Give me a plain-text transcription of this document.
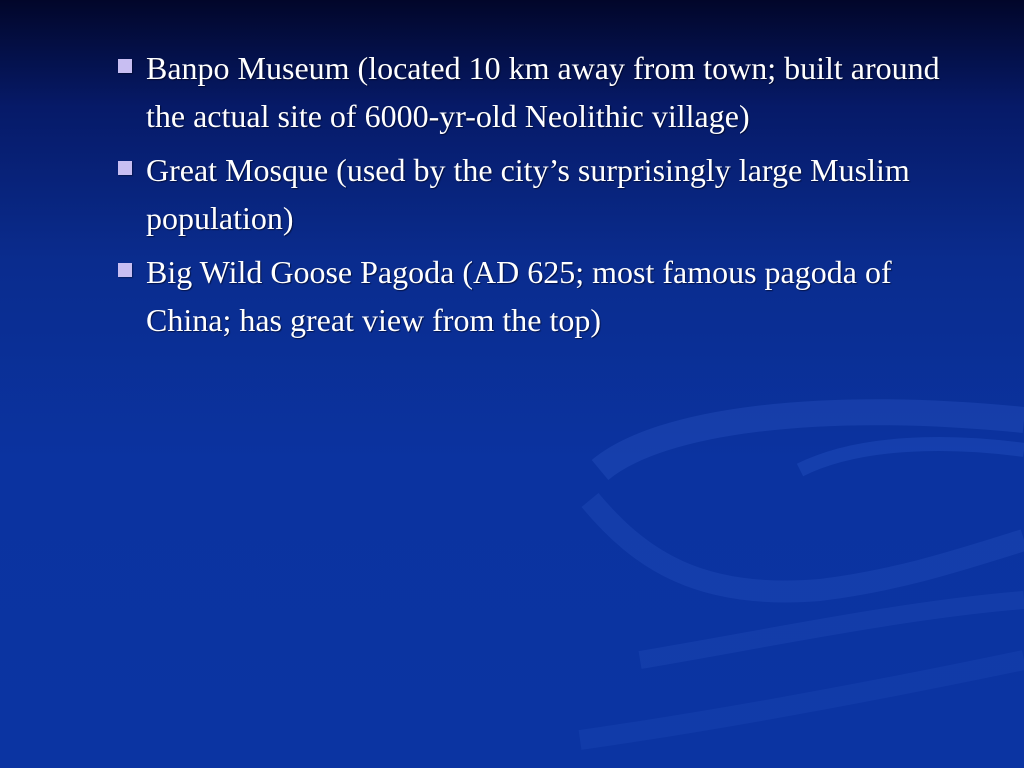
Banpo Museum (located 10 km away from town; built around the actual site of 6000-yr-old Neolithic village)
Great Mosque (used by the city’s surprisingly large Muslim population)
Big Wild Goose Pagoda (AD 625; most famous pagoda of China; has great view from the top)
